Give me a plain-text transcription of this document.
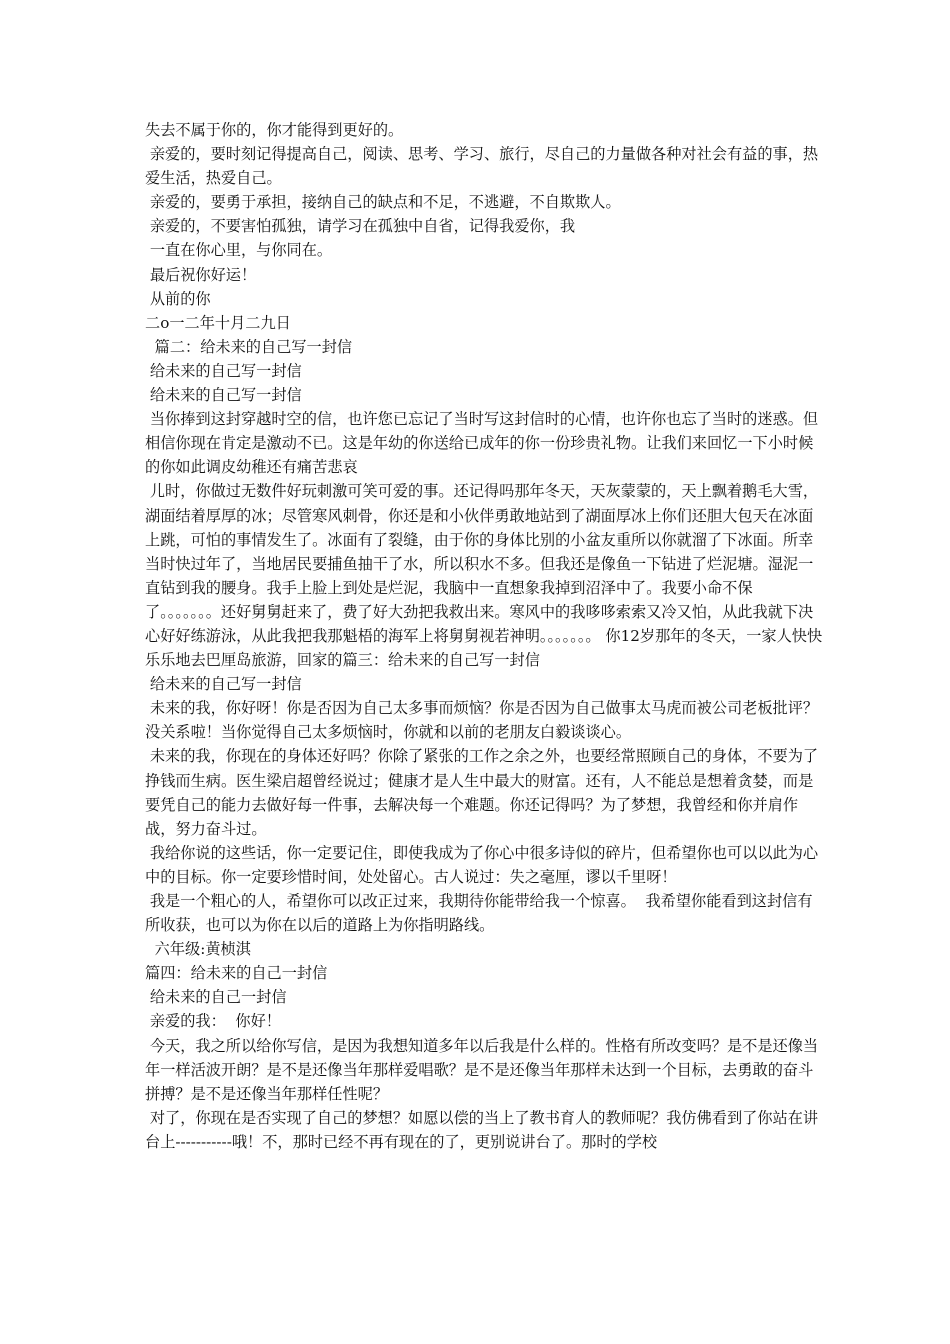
失去不属于你的，你才能得到更好的。

亲爱的，要时刻记得提高自己，阅读、思考、学习、旅行，尽自己的力量做各种对社会有益的事，热爱生活，热爱自己。

亲爱的，要勇于承担，接纳自己的缺点和不足，不逃避，不自欺欺人。

亲爱的，不要害怕孤独，请学习在孤独中自省，记得我爱你，我

一直在你心里，与你同在。

最后祝你好运！

从前的你

二o一二年十月二九日

篇二：给未来的自己写一封信

给未来的自己写一封信

给未来的自己写一封信

当你捧到这封穿越时空的信，也许您已忘记了当时写这封信时的心情，也许你也忘了当时的迷惑。但相信你现在肯定是激动不已。这是年幼的你送给已成年的你一份珍贵礼物。让我们来回忆一下小时候的你如此调皮幼稚还有痛苦悲哀

儿时，你做过无数件好玩刺激可笑可爱的事。还记得吗那年冬天，天灰蒙蒙的，天上飘着鹅毛大雪，湖面结着厚厚的冰；尽管寒风刺骨，你还是和小伙伴勇敢地站到了湖面厚冰上你们还胆大包天在冰面上跳，可怕的事情发生了。冰面有了裂缝，由于你的身体比别的小盆友重所以你就溜了下冰面。所幸当时快过年了，当地居民要捕鱼抽干了水，所以积水不多。但我还是像鱼一下钻进了烂泥塘。湿泥一直钻到我的腰身。我手上脸上到处是烂泥，我脑中一直想象我掉到沼泽中了。我要小命不保了。。。。。。。还好舅舅赶来了，费了好大劲把我救出来。寒风中的我哆哆索索又冷又怕，从此我就下决心好好练游泳，从此我把我那魁梧的海军上将舅舅视若神明。。。。。。。 你12岁那年的冬天，一家人快快乐乐地去巴厘岛旅游，回家的篇三：给未来的自己写一封信

给未来的自己写一封信

未来的我，你好呀！你是否因为自己太多事而烦恼？你是否因为自己做事太马虎而被公司老板批评？没关系啦！当你觉得自己太多烦恼时，你就和以前的老朋友白毅谈谈心。

未来的我，你现在的身体还好吗？你除了紧张的工作之余之外，也要经常照顾自己的身体，不要为了挣钱而生病。医生梁启超曾经说过；健康才是人生中最大的财富。还有，人不能总是想着贪婪，而是要凭自己的能力去做好每一件事，去解决每一个难题。你还记得吗？为了梦想，我曾经和你并肩作战，努力奋斗过。

我给你说的这些话，你一定要记住，即使我成为了你心中很多诗似的碎片，但希望你也可以以此为心中的目标。你一定要珍惜时间，处处留心。古人说过：失之毫厘，谬以千里呀！

我是一个粗心的人，希望你可以改正过来，我期待你能带给我一个惊喜。  我希望你能看到这封信有所收获，也可以为你在以后的道路上为你指明路线。

六年级:黄桢淇

篇四：给未来的自己一封信

给未来的自己一封信

亲爱的我：  你好！

今天，我之所以给你写信，是因为我想知道多年以后我是什么样的。性格有所改变吗？是不是还像当年一样活波开朗？是不是还像当年那样爱唱歌？是不是还像当年那样未达到一个目标，去勇敢的奋斗拼搏？是不是还像当年那样任性呢？

对了，你现在是否实现了自己的梦想？如愿以偿的当上了教书育人的教师呢？我仿佛看到了你站在讲台上-----------哦！不，那时已经不再有现在的了，更别说讲台了。那时的学校
